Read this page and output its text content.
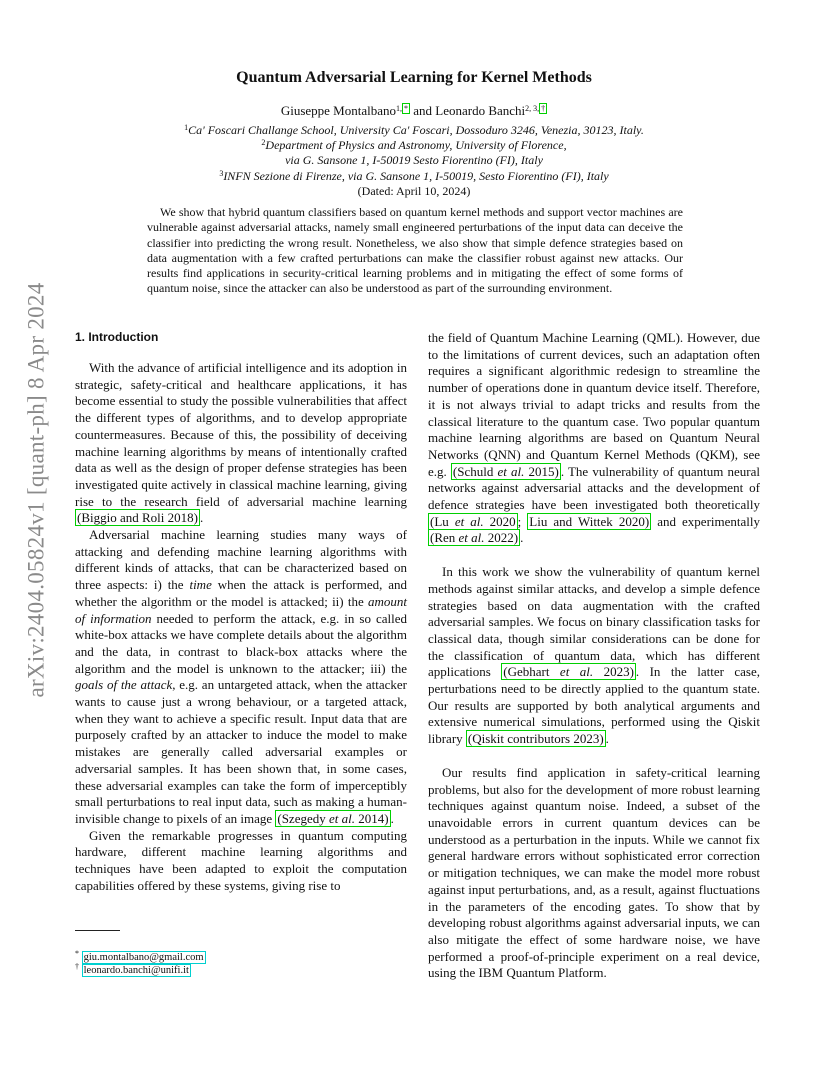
arXiv:2404.05824v1 [quant-ph] 8 Apr 2024
Quantum Adversarial Learning for Kernel Methods
Giuseppe Montalbano$^{1, *}$ and Leonardo Banchi$^{2, 3, \dagger}$
$^1$Ca' Foscari Challange School, University Ca' Foscari, Dossoduro 3246, Venezia, 30123, Italy.
$^2$Department of Physics and Astronomy, University of Florence,
via G. Sansone 1, I-50019 Sesto Fiorentino (FI), Italy
$^3$INFN Sezione di Firenze, via G. Sansone 1, I-50019, Sesto Fiorentino (FI), Italy
(Dated: April 10, 2024)

We show that hybrid quantum classifiers based on quantum kernel methods and support vector machines are vulnerable against adversarial attacks, namely small engineered perturbations of the input data can deceive the classifier into predicting the wrong result. Nonetheless, we also show that simple defence strategies based on data augmentation with a few crafted perturbations can make the classifier robust against new attacks. Our results find applications in security-critical learning problems and in mitigating the effect of some forms of quantum noise, since the attacker can also be understood as part of the surrounding environment.

1. Introduction

With the advance of artificial intelligence and its adoption in strategic, safety-critical and healthcare applications, it has become essential to study the possible vulnerabilities that affect the different types of algorithms, and to develop appropriate countermeasures. Because of this, the possibility of deceiving machine learning algorithms by means of intentionally crafted data as well as the design of proper defense strategies has been investigated quite actively in classical machine learning, giving rise to the research field of adversarial machine learning (Biggio and Roli 2018) .

Adversarial machine learning studies many ways of attacking and defending machine learning algorithms with different kinds of attacks, that can be characterized based on three aspects: i) the time when the attack is performed, and whether the algorithm or the model is attacked; ii) the amount of information needed to perform the attack, e.g. in so called white-box attacks we have complete details about the algorithm and the data, in contrast to black-box attacks where the algorithm and the model is unknown to the attacker; iii) the goals of the attack, e.g. an untargeted attack, when the attacker wants to cause just a wrong behaviour, or a targeted attack, when they want to achieve a specific result. Input data that are purposely crafted by an attacker to induce the model to make mistakes are generally called adversarial examples or adversarial samples. It has been shown that, in some cases, these adversarial examples can take the form of imperceptibly small perturbations to real input data, such as making a human-invisible change to pixels of an image (Szegedy et al. 2014) .

Given the remarkable progresses in quantum computing hardware, different machine learning algorithms and techniques have been adapted to exploit the computation capabilities offered by these systems, giving rise to

the field of Quantum Machine Learning (QML). However, due to the limitations of current devices, such an adaptation often requires a significant algorithmic redesign to streamline the number of operations done in quantum device itself. Therefore, it is not always trivial to adapt tricks and results from the classical literature to the quantum case. Two popular quantum machine learning algorithms are based on Quantum Neural Networks (QNN) and Quantum Kernel Methods (QKM), see e.g. (Schuld et al. 2015) . The vulnerability of quantum neural networks against adversarial attacks and the development of defence strategies have been investigated both theoretically (Lu et al. 2020 ; Liu and Wittek 2020) and experimentally (Ren et al. 2022) .

In this work we show the vulnerability of quantum kernel methods against similar attacks, and develop a simple defence strategies based on data augmentation with the crafted adversarial samples. We focus on binary classification tasks for classical data, though similar considerations can be done for the classification of quantum data, which has different applications (Gebhart et al. 2023) . In the latter case, perturbations need to be directly applied to the quantum state. Our results are supported by both analytical arguments and extensive numerical simulations, performed using the Qiskit library (Qiskit contributors 2023) .

Our results find application in safety-critical learning problems, but also for the development of more robust learning techniques against quantum noise. Indeed, a subset of the unavoidable errors in current quantum devices can be understood as a perturbation in the inputs. While we cannot fix general hardware errors without sophisticated error correction or mitigation techniques, we can make the model more robust against input perturbations, and, as a result, against fluctuations in the parameters of the encoding gates. To show that by developing robust algorithms against adversarial inputs, we can also mitigate the effect of some hardware noise, we have performed a proof-of-principle experiment on a real device, using the IBM Quantum Platform.

* giu.montalbano@gmail.com
† leonardo.banchi@unifi.it
